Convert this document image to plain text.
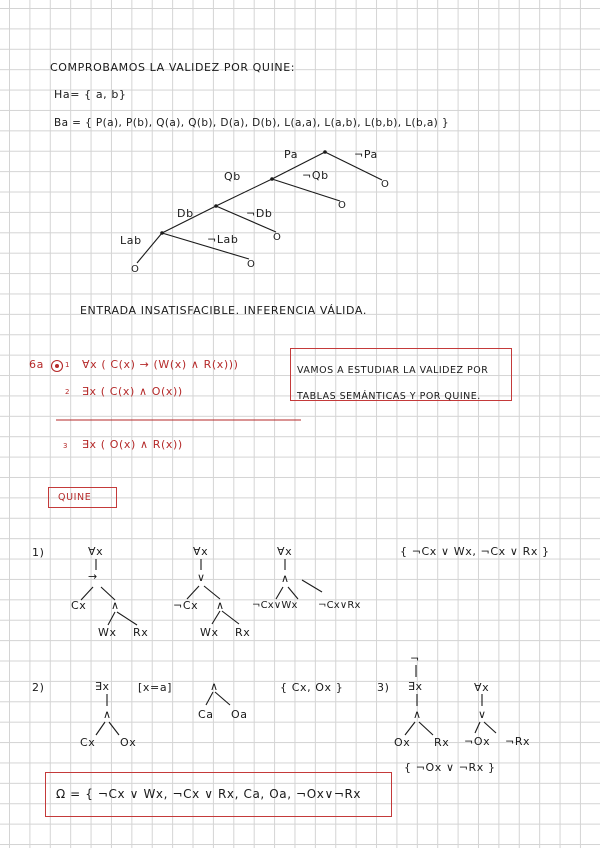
COMPROBAMOS LA VALIDEZ POR QUINE:
Ha= { a, b}
Ba = { P(a), P(b), Q(a), Q(b), D(a), D(b), L(a,a), L(a,b), L(b,b), L(b,a) }
Pa	¬Pa
Qb	¬Qb
Db	¬Db
Lab	¬Lab
O
O
O
O
O
ENTRADA INSATISFACIBLE. INFERENCIA VÁLIDA.
6a	1 ∀x ( C(x) → (W(x) ∧ R(x)))
2 ∃x ( C(x) ∧ O(x))
VAMOS A ESTUDIAR LA VALIDEZ POR TABLAS SEMÁNTICAS Y POR QUINE.
3 ∃x ( O(x) ∧ R(x))
QUINE
1)	∀x
→
Cx ∧
Wx Rx
∀x
∨
¬Cx ∧
Wx Rx
∀x
∧
¬Cx∨Wx ¬Cx∨Rx
{ ¬Cx ∨ Wx, ¬Cx ∨ Rx }
2)	∃x
∧
Cx Ox
[x=a]	∧
Ca Oa
{ Cx, Ox }	3)
¬
∃x
∧
Ox Rx
∀x
∨
¬Ox ¬Rx
{ ¬Ox ∨ ¬Rx }
Ω = { ¬Cx ∨ Wx, ¬Cx ∨ Rx, Ca, Oa, ¬Ox∨¬Rx
